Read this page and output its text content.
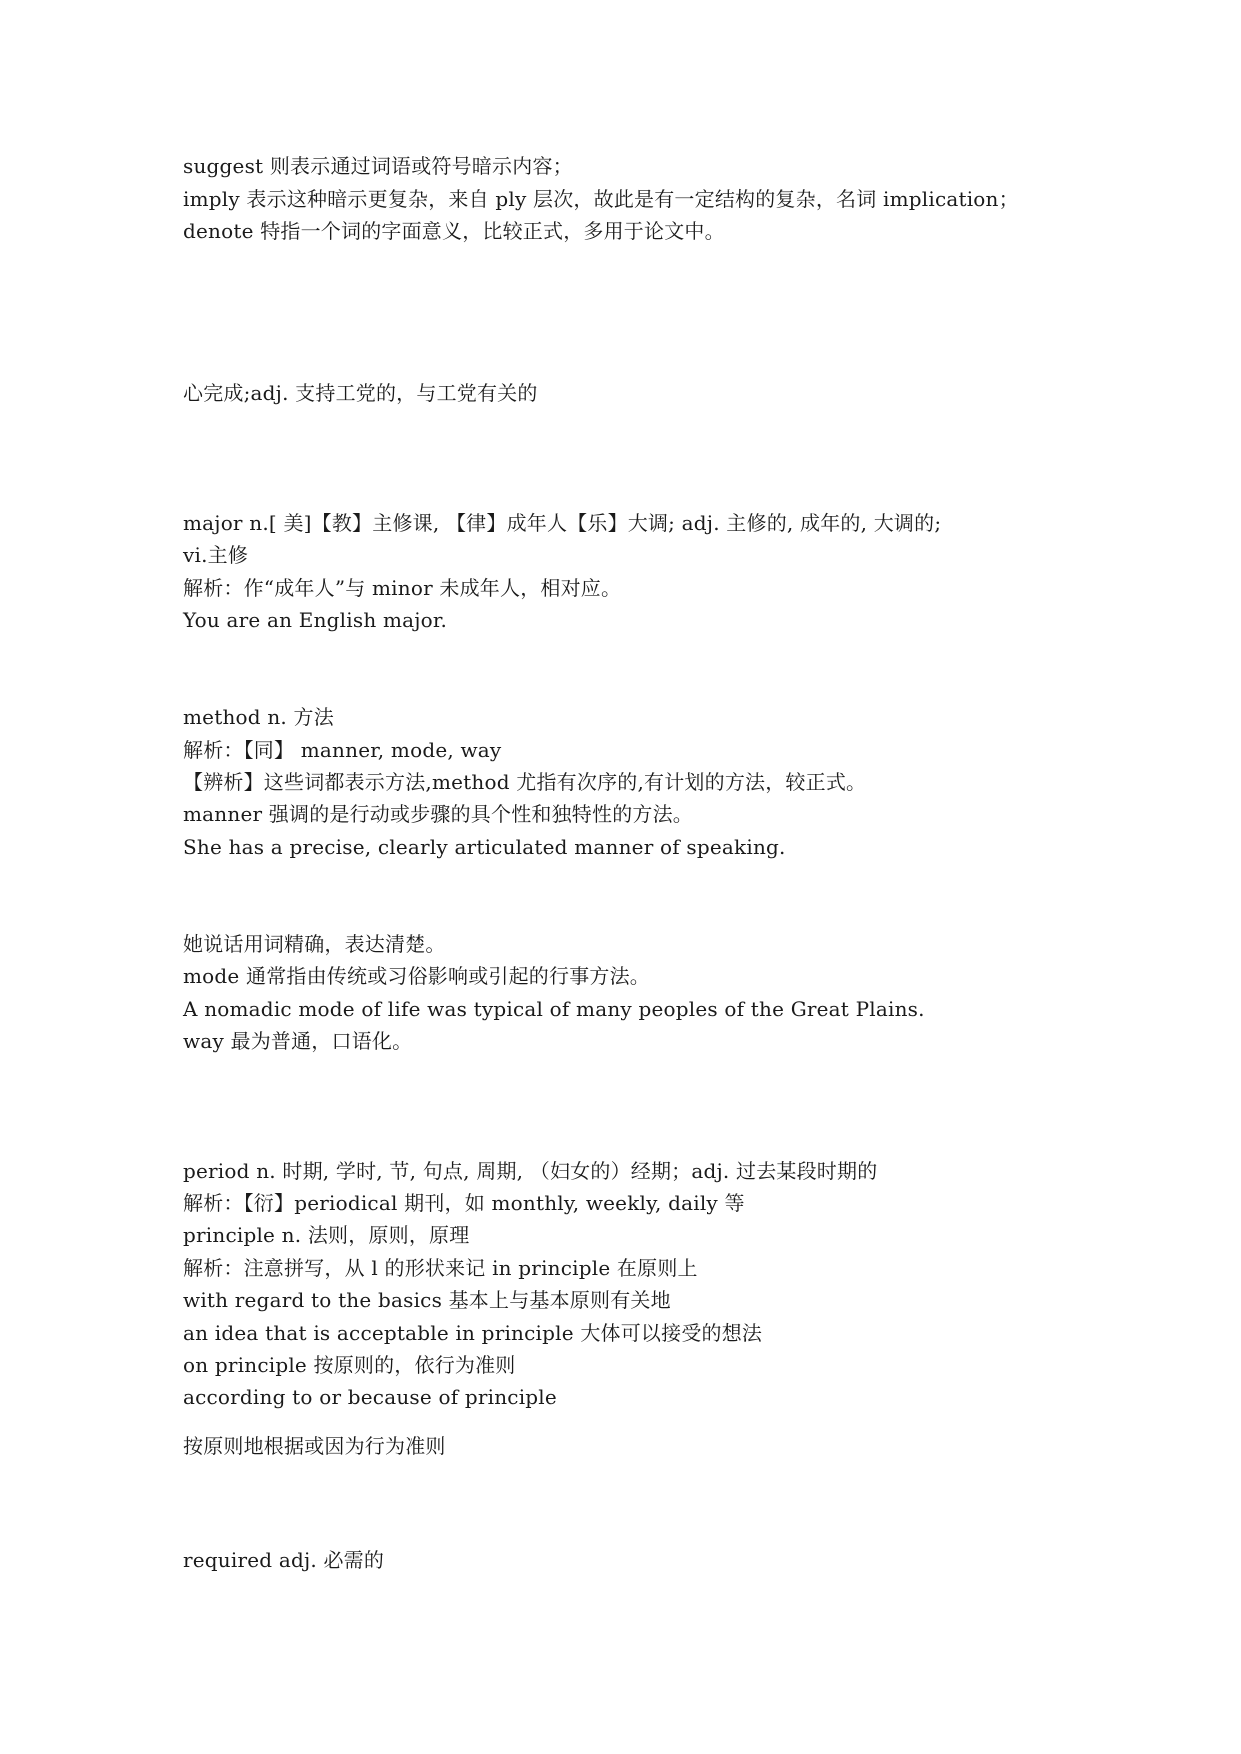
suggest 则表示通过词语或符号暗示内容；
imply 表示这种暗示更复杂，来自 ply 层次，故此是有一定结构的复杂，名词 implication；
denote 特指一个词的字面意义，比较正式，多用于论文中。
心完成;adj. 支持工党的，与工党有关的
major n.[ 美]【教】主修课, 【律】成年人【乐】大调; adj. 主修的, 成年的, 大调的;
vi.主修
解析：作“成年人”与 minor 未成年人，相对应。
You are an English major.
method n. 方法
解析：【同】 manner, mode, way
【辨析】这些词都表示方法,method 尤指有次序的,有计划的方法，较正式。
manner 强调的是行动或步骤的具个性和独特性的方法。
She has a precise, clearly articulated manner of speaking.
她说话用词精确，表达清楚。
mode 通常指由传统或习俗影响或引起的行事方法。
A nomadic mode of life was typical of many peoples of the Great Plains.
way 最为普通，口语化。
period n. 时期, 学时, 节, 句点, 周期, （妇女的）经期；adj. 过去某段时期的
解析：【衍】periodical 期刊，如 monthly, weekly, daily 等
principle n. 法则，原则，原理
解析：注意拼写，从 l 的形状来记 in principle 在原则上
with regard to the basics 基本上与基本原则有关地
an idea that is acceptable in principle 大体可以接受的想法
on principle 按原则的，依行为准则
according to or because of principle
按原则地根据或因为行为准则
required adj. 必需的
